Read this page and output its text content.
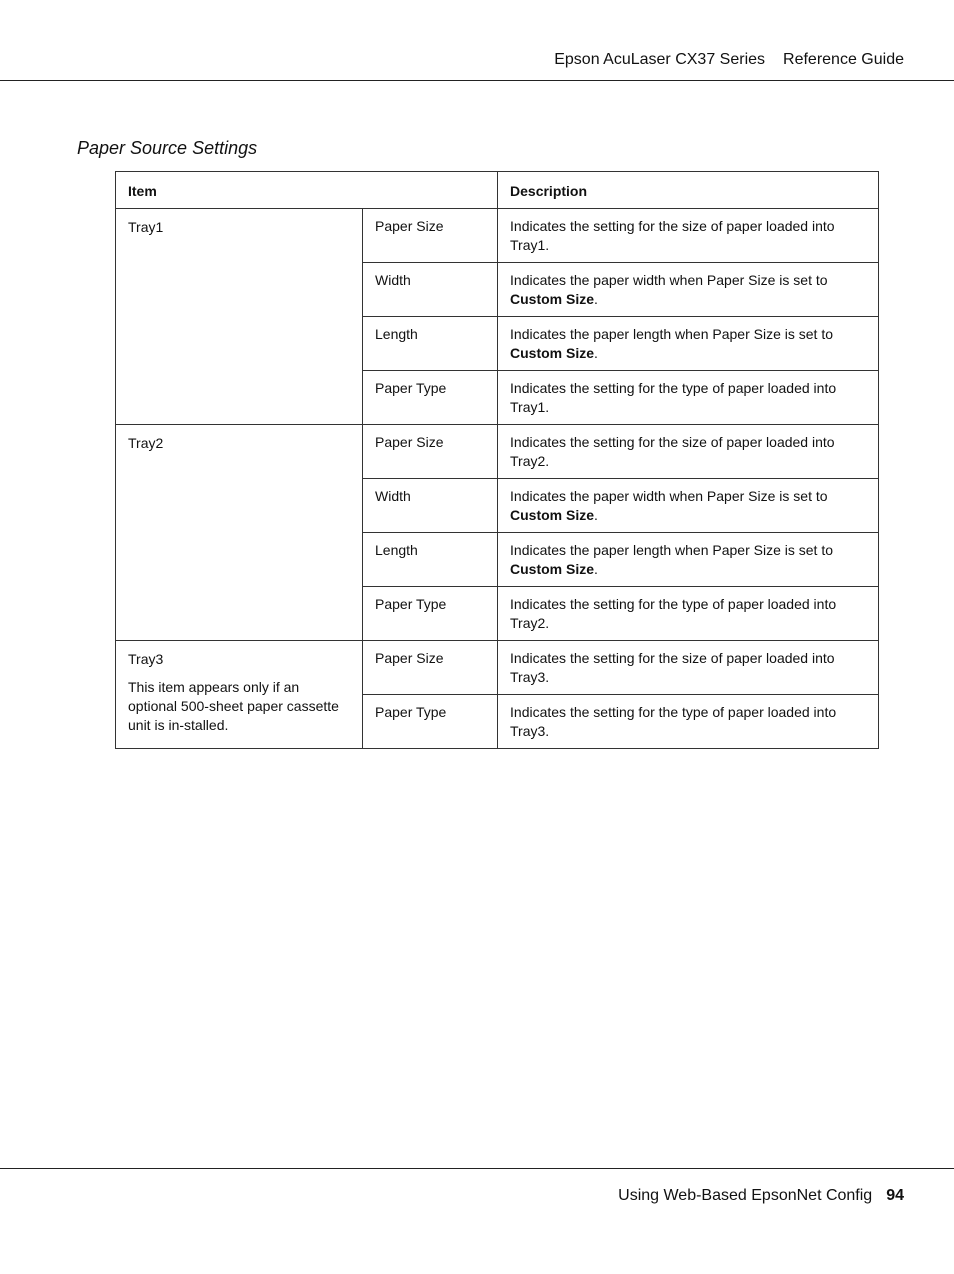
Epson AcuLaser CX37 Series Reference Guide
Paper Source Settings
Item		Description
Tray1	Paper Size	Indicates the setting for the size of paper loaded into Tray1.
	Width	Indicates the paper width when Paper Size is set to Custom Size.
	Length	Indicates the paper length when Paper Size is set to Custom Size.
	Paper Type	Indicates the setting for the type of paper loaded into Tray1.
Tray2	Paper Size	Indicates the setting for the size of paper loaded into Tray2.
	Width	Indicates the paper width when Paper Size is set to Custom Size.
	Length	Indicates the paper length when Paper Size is set to Custom Size.
	Paper Type	Indicates the setting for the type of paper loaded into Tray2.

Tray3
This item appears only if an optional 500-sheet paper cassette unit is in-stalled.	Paper Size	Indicates the setting for the size of paper loaded into Tray3.
	Paper Type	Indicates the setting for the type of paper loaded into Tray3.
Using Web-Based EpsonNet Config 94
